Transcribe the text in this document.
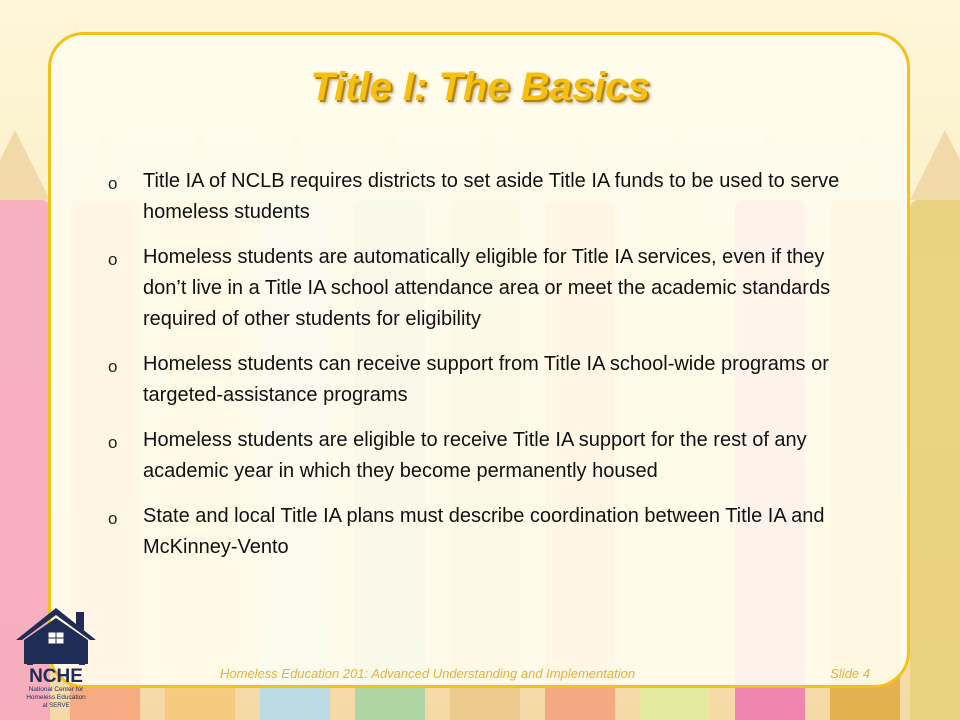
Title I: The Basics
o Title IA of NCLB requires districts to set aside Title IA funds to be used to serve homeless students
o Homeless students are automatically eligible for Title IA services, even if they don’t live in a Title IA school attendance area or meet the academic standards required of other students for eligibility
o Homeless students can receive support from Title IA school-wide programs or targeted-assistance programs
o Homeless students are eligible to receive Title IA support for the rest of any academic year in which they become permanently housed
o State and local Title IA plans must describe coordination between Title IA and McKinney-Vento
Homeless Education 201: Advanced Understanding and Implementation	Slide 4
NCHE
National Center for
Homeless Education
at SERVE
